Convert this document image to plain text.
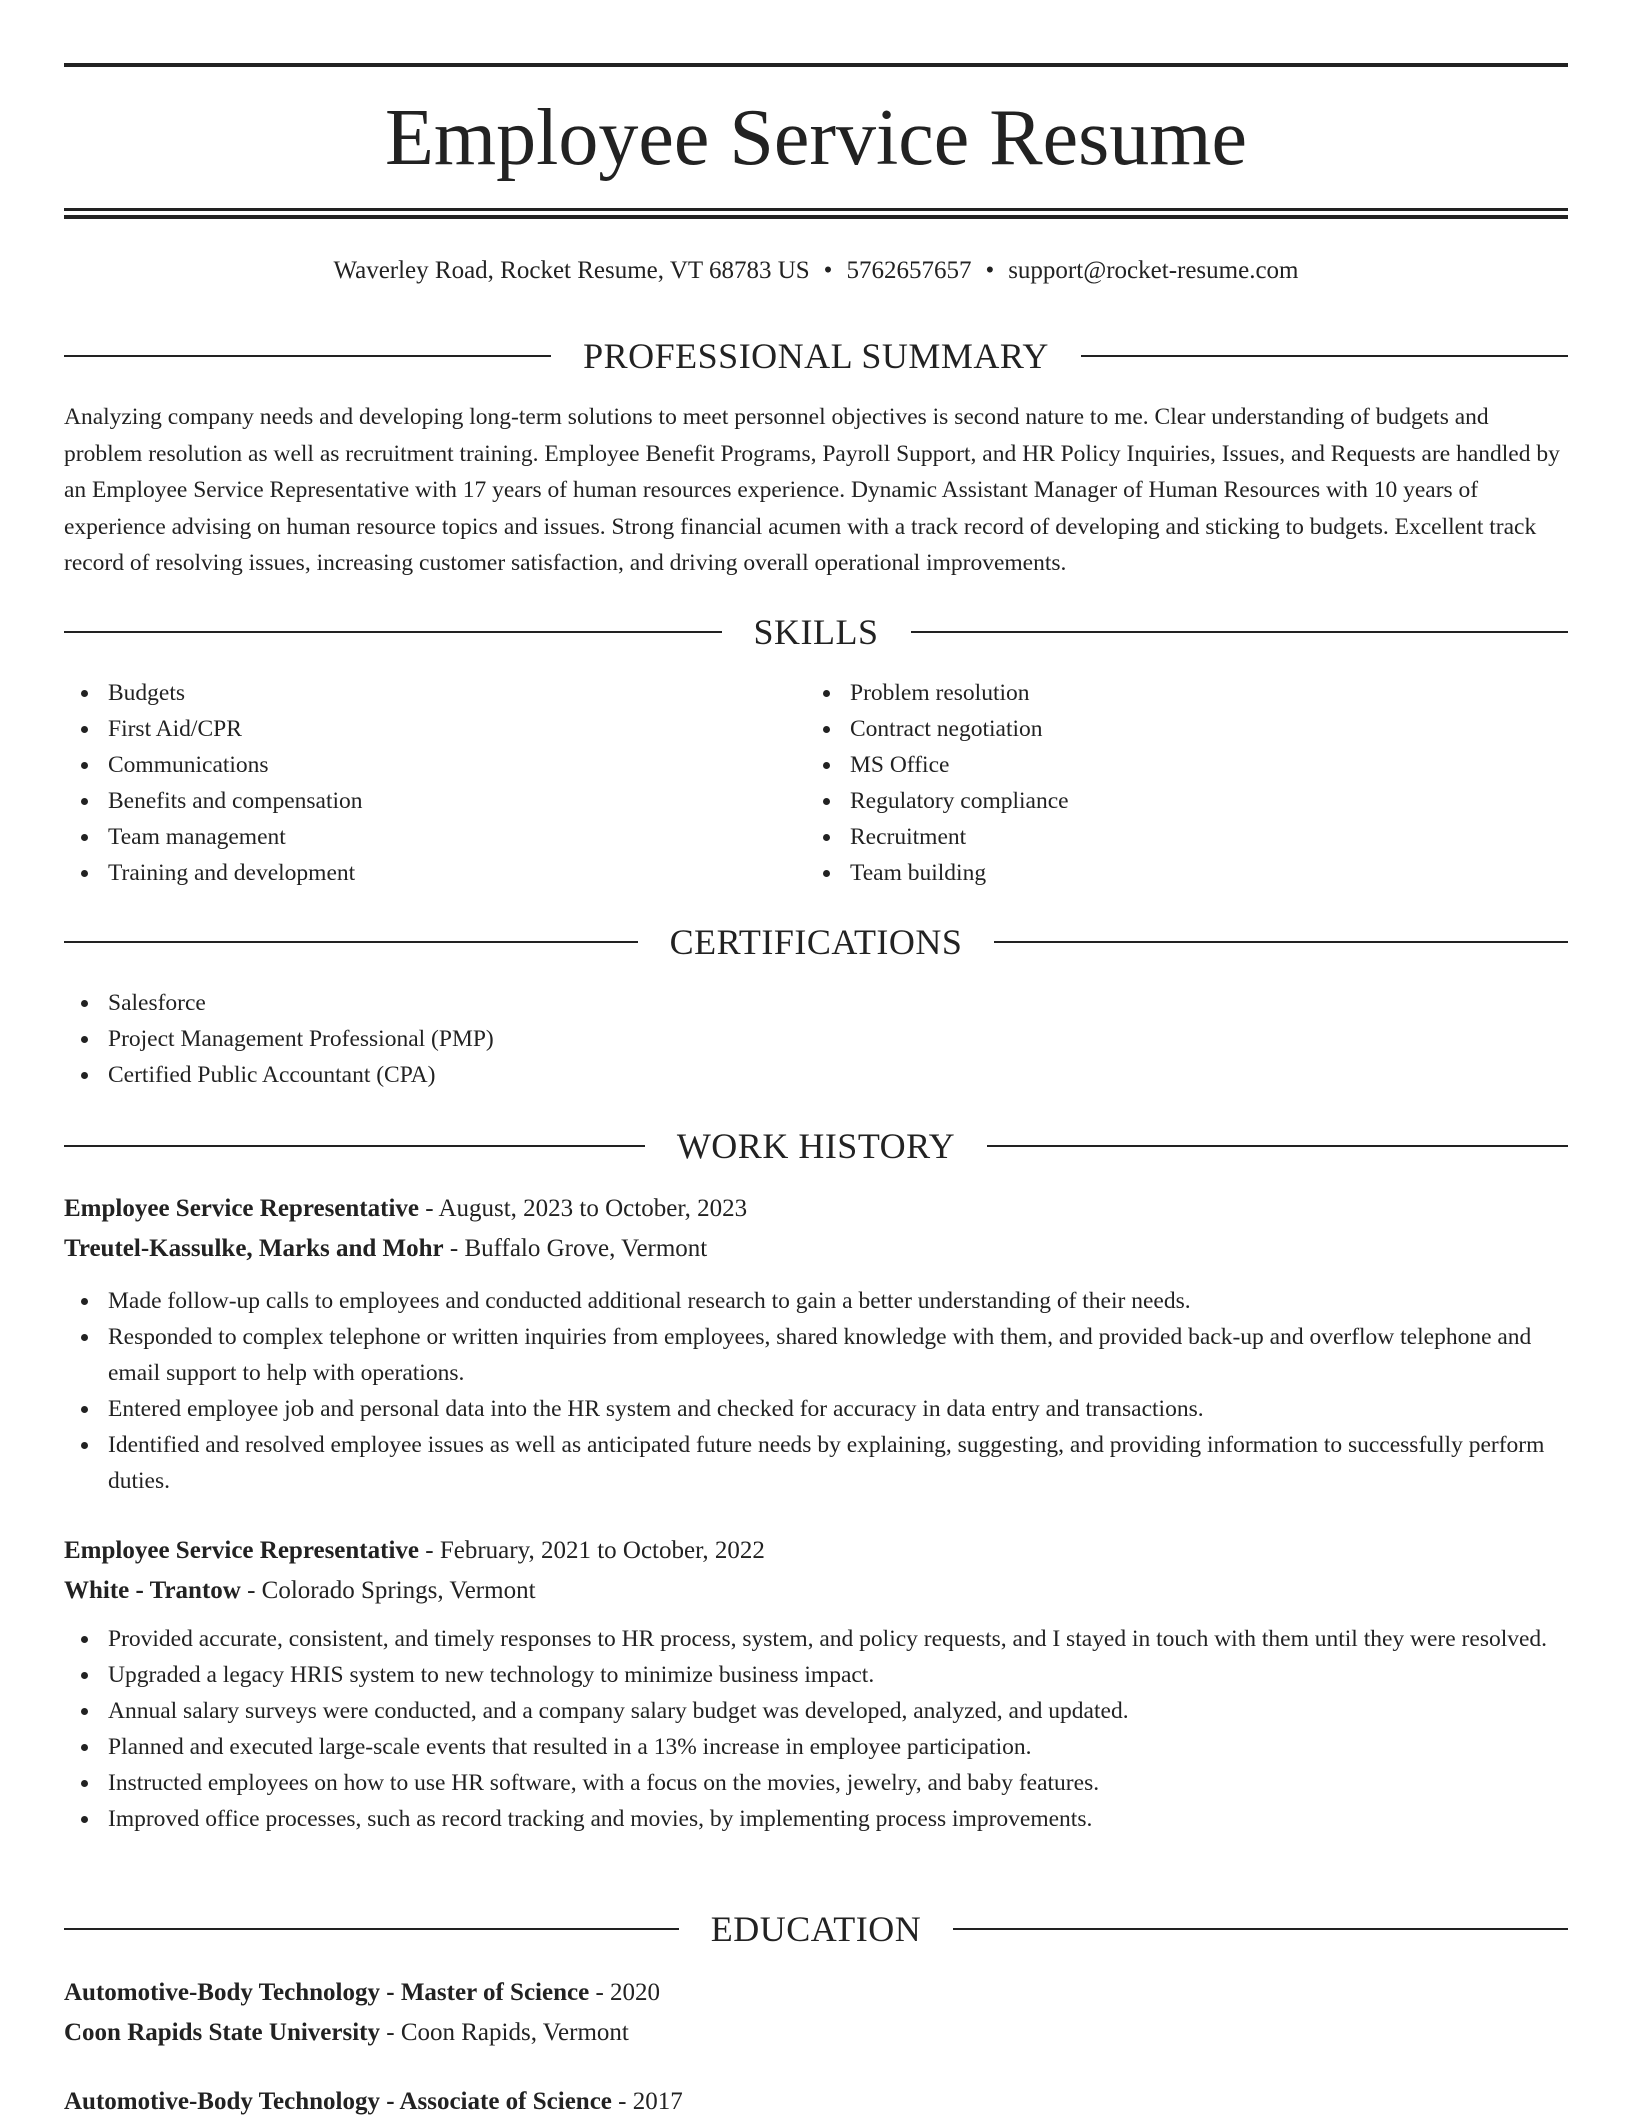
Employee Service Resume
Waverley Road, Rocket Resume, VT 68783 US • 5762657657 • support@rocket-resume.com
PROFESSIONAL SUMMARY
Analyzing company needs and developing long-term solutions to meet personnel objectives is second nature to me. Clear understanding of budgets and problem resolution as well as recruitment training. Employee Benefit Programs, Payroll Support, and HR Policy Inquiries, Issues, and Requests are handled by an Employee Service Representative with 17 years of human resources experience. Dynamic Assistant Manager of Human Resources with 10 years of experience advising on human resource topics and issues. Strong financial acumen with a track record of developing and sticking to budgets. Excellent track record of resolving issues, increasing customer satisfaction, and driving overall operational improvements.
SKILLS
Budgets
First Aid/CPR
Communications
Benefits and compensation
Team management
Training and development
Problem resolution
Contract negotiation
MS Office
Regulatory compliance
Recruitment
Team building
CERTIFICATIONS
Salesforce
Project Management Professional (PMP)
Certified Public Accountant (CPA)
WORK HISTORY
Employee Service Representative - August, 2023 to October, 2023
Treutel-Kassulke, Marks and Mohr - Buffalo Grove, Vermont
Made follow-up calls to employees and conducted additional research to gain a better understanding of their needs.
Responded to complex telephone or written inquiries from employees, shared knowledge with them, and provided back-up and overflow telephone and email support to help with operations.
Entered employee job and personal data into the HR system and checked for accuracy in data entry and transactions.
Identified and resolved employee issues as well as anticipated future needs by explaining, suggesting, and providing information to successfully perform duties.
Employee Service Representative - February, 2021 to October, 2022
White - Trantow - Colorado Springs, Vermont
Provided accurate, consistent, and timely responses to HR process, system, and policy requests, and I stayed in touch with them until they were resolved.
Upgraded a legacy HRIS system to new technology to minimize business impact.
Annual salary surveys were conducted, and a company salary budget was developed, analyzed, and updated.
Planned and executed large-scale events that resulted in a 13% increase in employee participation.
Instructed employees on how to use HR software, with a focus on the movies, jewelry, and baby features.
Improved office processes, such as record tracking and movies, by implementing process improvements.
EDUCATION
Automotive-Body Technology - Master of Science - 2020
Coon Rapids State University - Coon Rapids, Vermont
Automotive-Body Technology - Associate of Science - 2017
